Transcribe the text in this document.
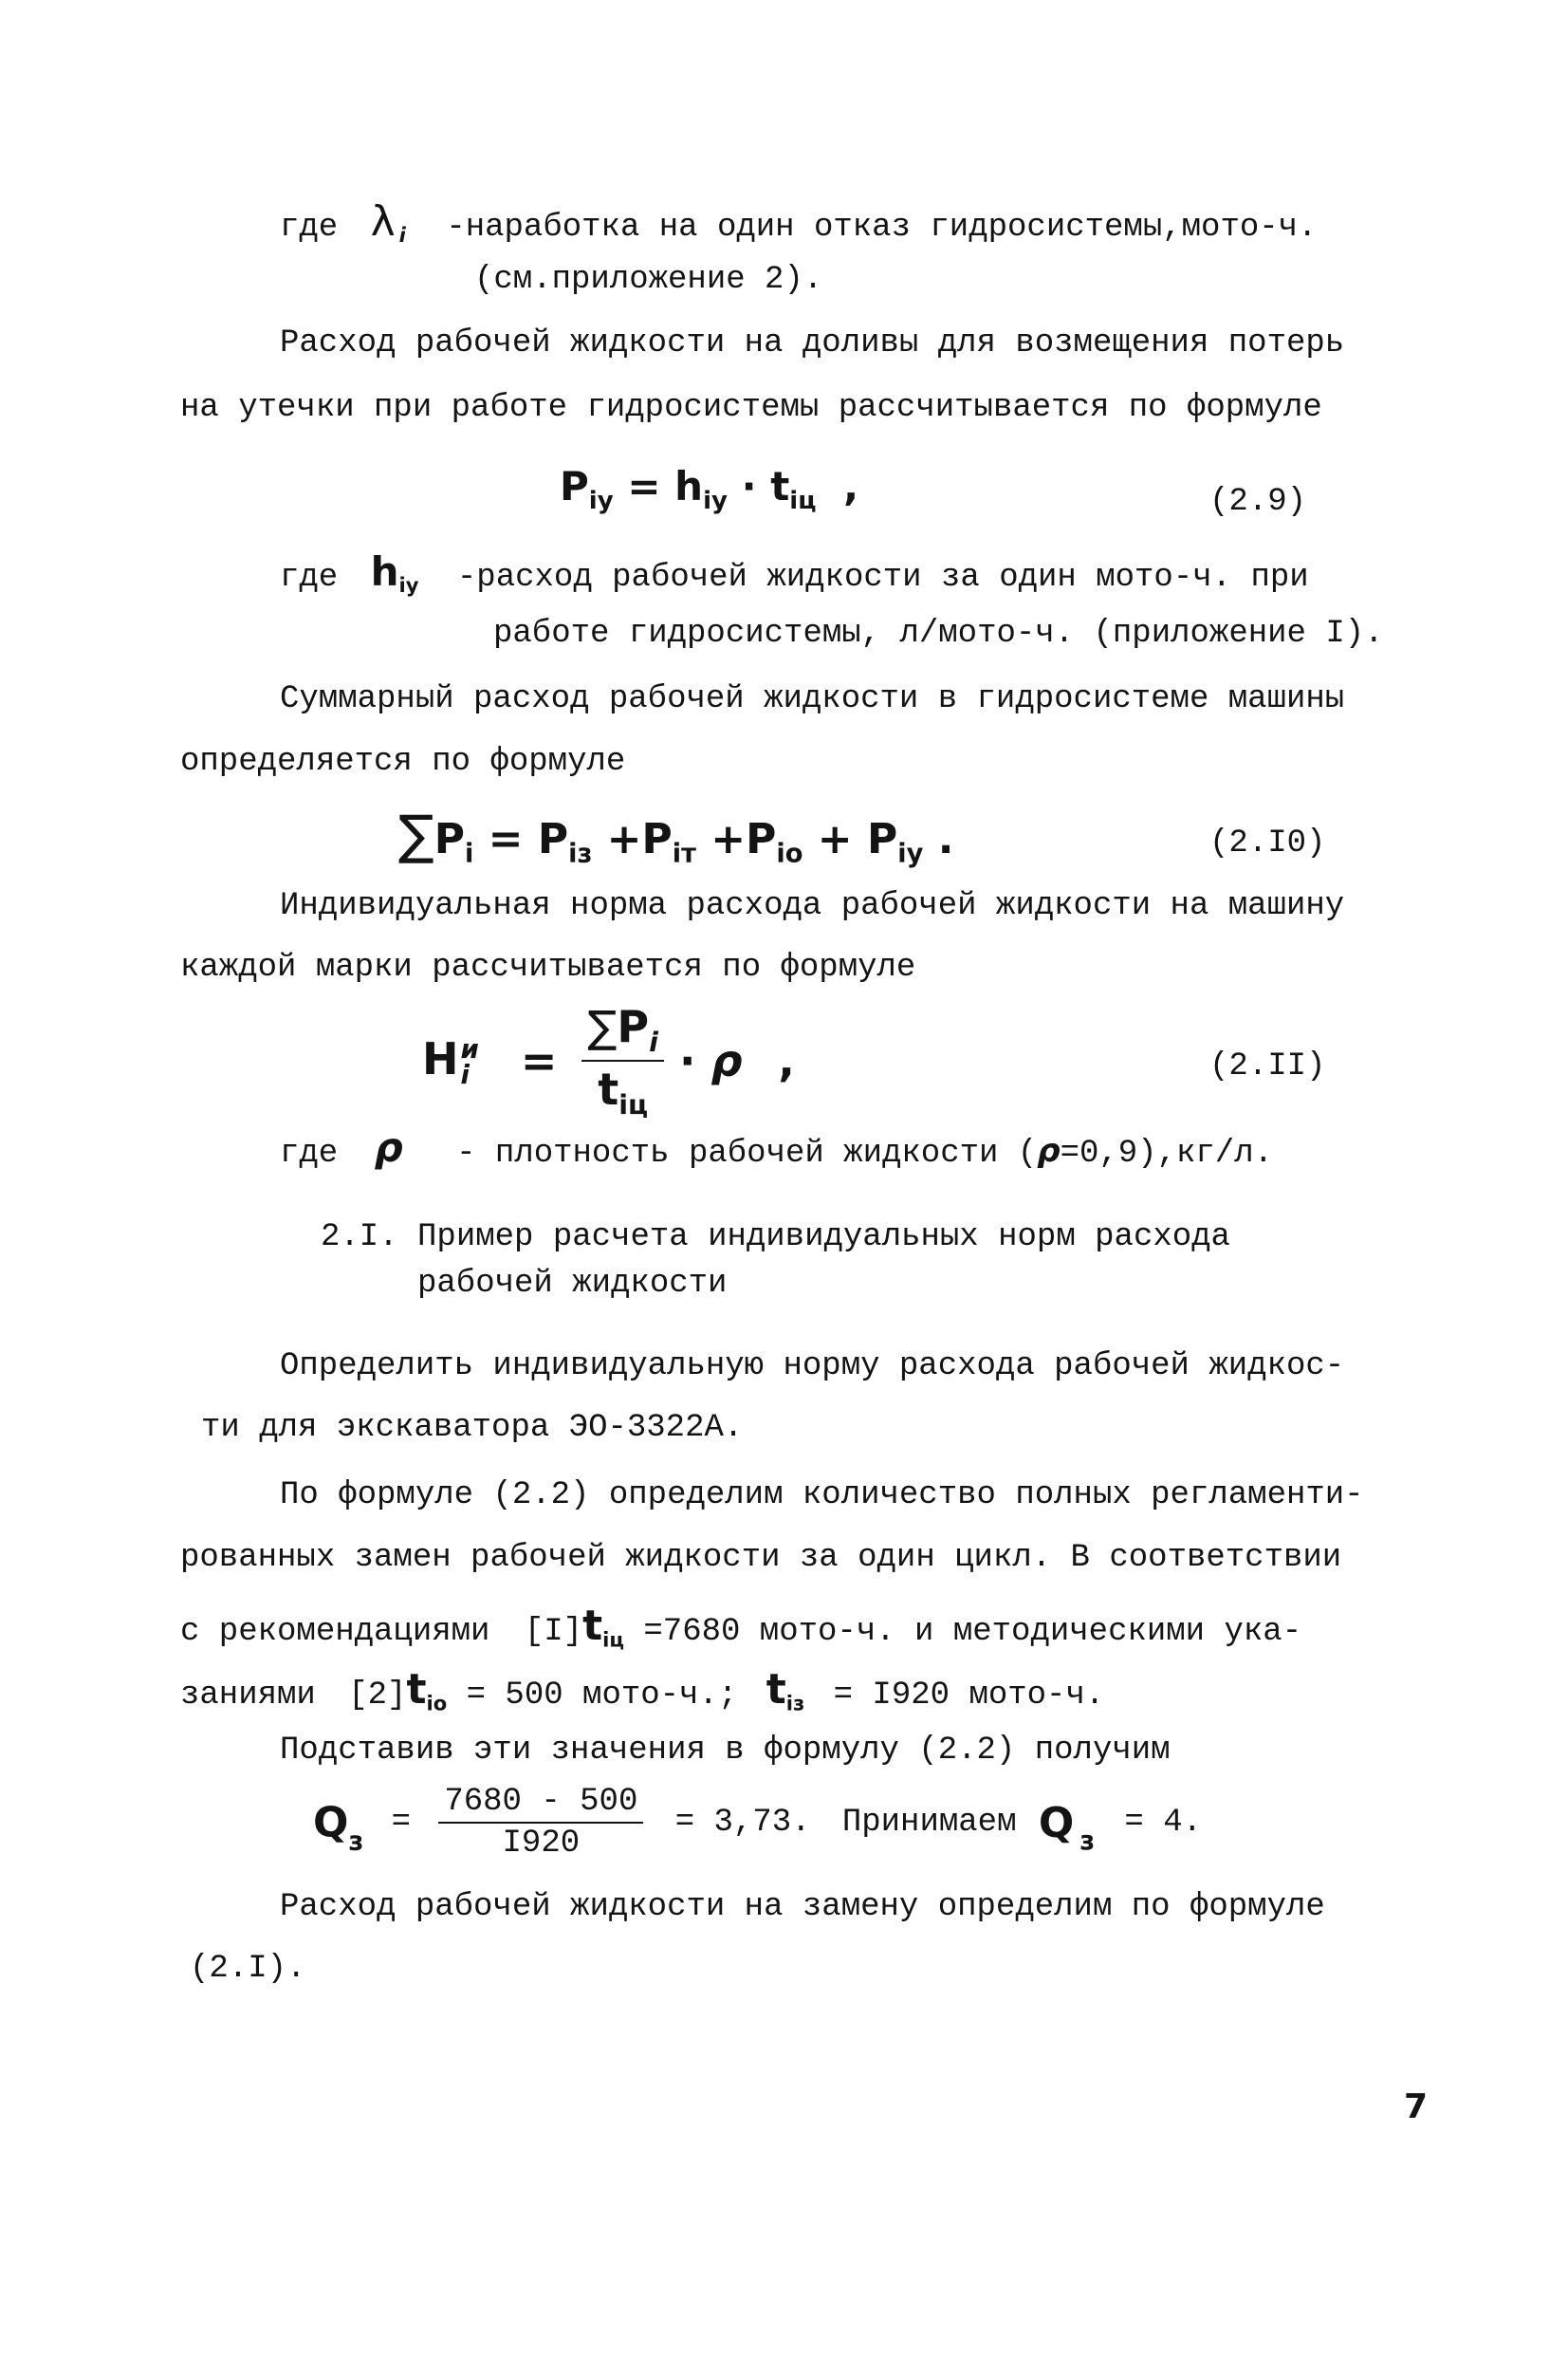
где λ $_i$ -наработка на один отказ гидросистемы,мото-ч.
(см.приложение 2).
Расход рабочей жидкости на доливы для возмещения потерь
на утечки при работе гидросистемы рассчитывается по формуле
$P_{iy} = h_{iy} \cdot t_{iц}$ ,	(2.9)
где $h_{iy}$ -расход рабочей жидкости за один мото-ч. при
работе гидросистемы, л/мото-ч. (приложение I).
Суммарный расход рабочей жидкости в гидросистеме машины
определяется по формуле
$\sum P_i = P_{iз} +P_{iт} +P_{io} + P_{iy}$ .	(2.I0)
Индивидуальная норма расхода рабочей жидкости на машину
каждой марки рассчитывается по формуле
H и
$i = \frac{\sum P_i}{t_{iц}} \cdot \rho$ ,	(2.II)
где ρ - плотность рабочей жидкости (ρ=0,9),кг/л.
2.I. Пример расчета индивидуальных норм расхода
рабочей жидкости
Определить индивидуальную норму расхода рабочей жидкос-
ти для экскаватора ЭО-3322А.
По формуле (2.2) определим количество полных регламенти-
рованных замен рабочей жидкости за один цикл. В соответствии
с рекомендациями $[I]t_{iц} =7680$ мото-ч. и методическими ука-
заниями $[2]t_{io} = 500$ мото-ч.; $t_{iз} = I920$ мото-ч.
Подставив эти значения в формулу (2.2) получим
$Q_з = \frac{7680 - 500}{I920} = 3,73$. Принимаем Q $_з$ = 4.
Расход рабочей жидкости на замену определим по формуле
(2.I).
7
